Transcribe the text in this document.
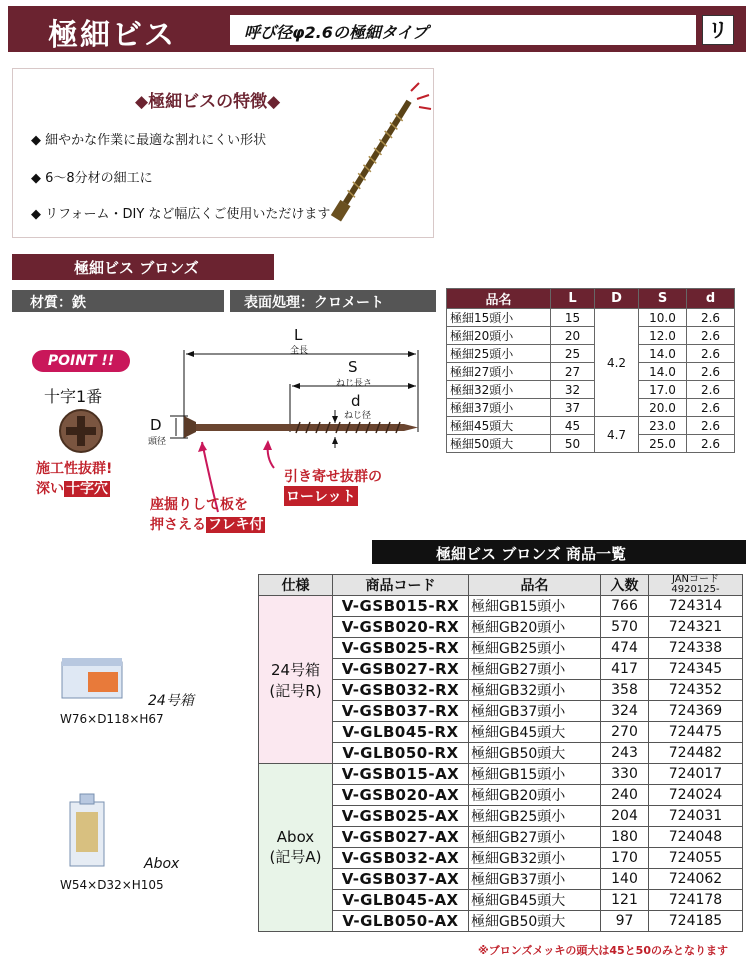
極細ビス	呼び径φ2.6の極細タイプ	リ
◆極細ビスの特徴◆
◆ 細やかな作業に最適な割れにくい形状
◆ 6～8分材の細工に
◆ リフォーム・DIY など幅広くご使用いただけます
極細ビス ブロンズ
材質：鉄	表面処理：クロメート	品名	L	D	S	d
極細15頭小	15	4.2	10.0	2.6
極細20頭小	20		12.0	2.6
極細25頭小	25		14.0	2.6
極細27頭小	27		14.0	2.6
極細32頭小	32		17.0	2.6
極細37頭小	37		20.0	2.6
極細45頭大	45	4.7	23.0	2.6
極細50頭大	50		25.0	2.6
POINT !!
十字1番
施工性抜群!
深い 十字穴
L
全長
S
ねじ長さ
d
ねじ径
D
頭径
引き寄せ抜群の
ローレット
座掘りして板を
押さえる フレキ付
極細ビス ブロンズ 商品一覧
24号箱
W76×D118×H67
Abox
W54×D32×H105
仕様	商品コード	品名	入数	JANコード
4920125-

24号箱
(記号R)	V-GSB015-RX	極細GB15頭小	766	724314
	V-GSB020-RX	極細GB20頭小	570	724321
	V-GSB025-RX	極細GB25頭小	474	724338
	V-GSB027-RX	極細GB27頭小	417	724345
	V-GSB032-RX	極細GB32頭小	358	724352
	V-GSB037-RX	極細GB37頭小	324	724369
	V-GLB045-RX	極細GB45頭大	270	724475
	V-GLB050-RX	極細GB50頭大	243	724482

Abox
(記号A)	V-GSB015-AX	極細GB15頭小	330	724017
	V-GSB020-AX	極細GB20頭小	240	724024
	V-GSB025-AX	極細GB25頭小	204	724031
	V-GSB027-AX	極細GB27頭小	180	724048
	V-GSB032-AX	極細GB32頭小	170	724055
	V-GSB037-AX	極細GB37頭小	140	724062
	V-GLB045-AX	極細GB45頭大	121	724178
	V-GLB050-AX	極細GB50頭大	97	724185
※ブロンズメッキの頭大は45と50のみとなります
